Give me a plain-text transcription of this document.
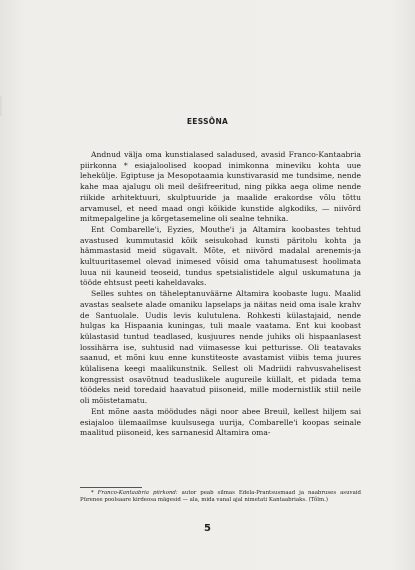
EESSÕNA

Andnud välja oma kunstialased saladused, avasid Franco-Kantaabria piirkonna * esiajaloolised koopad inimkonna mineviku kohta uue lehekülje. Egiptuse ja Mesopotaamia kunstivarasid me tundsime, nende kahe maa ajalugu oli meil dešifreeritud, ning pikka aega olime nende riikide arhitektuuri, skulptuuride ja maalide erakordse võlu tõttu arvamusel, et need maad ongi kõikide kunstide algkodiks, — niivõrd mitmepalgeline ja kõrgetasemeline oli sealne tehnika.

Ent Combarelle'i, Eyzies, Mouthe'i ja Altamira koobastes tehtud avastused kummutasid kõik seisukohad kunsti päritolu kohta ja hämmastasid meid sügavalt. Mõte, et niivõrd madalal arenemis-ja kultuuritasemel olevad inimesed võisid oma tahumatusest hoolimata luua nii kauneid teoseid, tundus spetsialistidele algul uskumatuna ja tööde ehtsust peeti kaheldavaks.

Selles suhtes on täheleptanuväärne Altamira koobaste lugu. Maalid avastas sealsete alade omaniku lapselaps ja näitas neid oma isale krahv de Santuolale. Uudis levis kulutulena. Rohkesti külastajaid, nende hulgas ka Hispaania kuningas, tuli maale vaatama. Ent kui koobast külastasid tuntud teadlased, kusjuures nende juhiks oli hispaanlasest lossihärra ise, suhtusid nad viimasesse kui petturisse. Oli teatavaks saanud, et mõni kuu enne kunstiteoste avastamist viibis tema juures külalisena keegi maalikunstnik. Sellest oli Madriidi rahvusvahelisest kongressist osavõtnud teaduslikele augureile küllalt, et pidada tema töödeks neid toredaid haavatud piisoneid, mille modernistlik stiil neile oli mõistetamatu.

Ent mõne aasta möödudes nägi noor abee Breuil, kellest hiljem sai esiajaloo ülemaailmse kuulsusega uurija, Combarelle'i koopas seinale maalitud piisoneid, kes sarnanesid Altamira oma-

* Franco-Kantaabria piirkond: autor peab silmas Edela-Prantsusmaad ja naabruses asuvaid Püreneе poolsaare kirdeosa mägesid — ala, mida vanal ajal nimetati Kantaabriaks. (Tõlm.)

5
